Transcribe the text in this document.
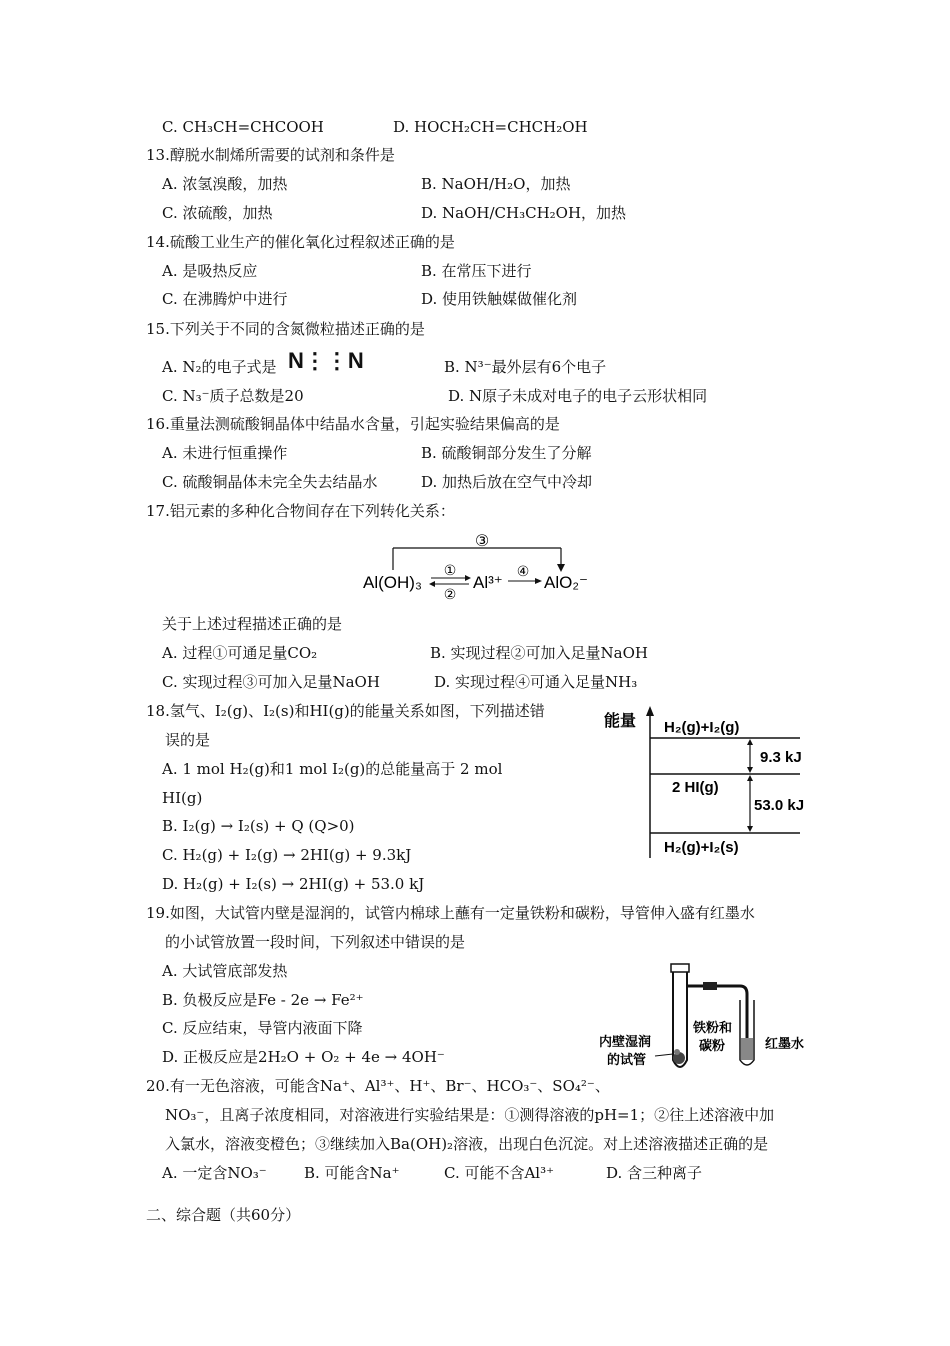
C. CH₃CH=CHCOOH	D. HOCH₂CH=CHCH₂OH
13.醇脱水制烯所需要的试剂和条件是
A. 浓氢溴酸，加热	B. NaOH/H₂O，加热
C. 浓硫酸，加热	D. NaOH/CH₃CH₂OH，加热
14.硫酸工业生产的催化氧化过程叙述正确的是
A. 是吸热反应	B. 在常压下进行
C. 在沸腾炉中进行	D. 使用铁触媒做催化剂
15.下列关于不同的含氮微粒描述正确的是
A. N₂的电子式是 N⋮⋮N	B. N³⁻最外层有6个电子
C. N₃⁻质子总数是20	D. N原子未成对电子的电子云形状相同
16.重量法测硫酸铜晶体中结晶水含量，引起实验结果偏高的是
A. 未进行恒重操作	B. 硫酸铜部分发生了分解
C. 硫酸铜晶体未完全失去结晶水	D. 加热后放在空气中冷却
17.铝元素的多种化合物间存在下列转化关系：
③
Al(OH)₃
①
②
Al³⁺
④
AlO₂⁻
关于上述过程描述正确的是
A. 过程①可通足量CO₂	B. 实现过程②可加入足量NaOH
C. 实现过程③可加入足量NaOH	D. 实现过程④可通入足量NH₃
18.氢气、I₂(g)、I₂(s)和HI(g)的能量关系如图，下列描述错
误的是
A. 1 mol H₂(g)和1 mol I₂(g)的总能量高于 2 mol
HI(g)
B. I₂(g) → I₂(s) + Q (Q>0)
C. H₂(g) + I₂(g) → 2HI(g) + 9.3kJ
D. H₂(g) + I₂(s) → 2HI(g) + 53.0 kJ
能量 H₂(g)+I₂(g)
2 HI(g)
H₂(g)+I₂(s)
9.3 kJ
53.0 kJ
19.如图，大试管内壁是湿润的，试管内棉球上蘸有一定量铁粉和碳粉，导管伸入盛有红墨水
的小试管放置一段时间，下列叙述中错误的是
A. 大试管底部发热
B. 负极反应是Fe - 2e → Fe²⁺
C. 反应结束，导管内液面下降
D. 正极反应是2H₂O + O₂ + 4e → 4OH⁻
内壁湿润
的试管
铁粉和
碳粉	红墨水
20.有一无色溶液，可能含Na⁺、Al³⁺、H⁺、Br⁻、HCO₃⁻、SO₄²⁻、
NO₃⁻，且离子浓度相同，对溶液进行实验结果是：①测得溶液的pH=1；②往上述溶液中加
入氯水，溶液变橙色；③继续加入Ba(OH)₂溶液，出现白色沉淀。对上述溶液描述正确的是
A. 一定含NO₃⁻ B. 可能含Na⁺	C. 可能不含Al³⁺	D. 含三种离子
二、综合题（共60分）
